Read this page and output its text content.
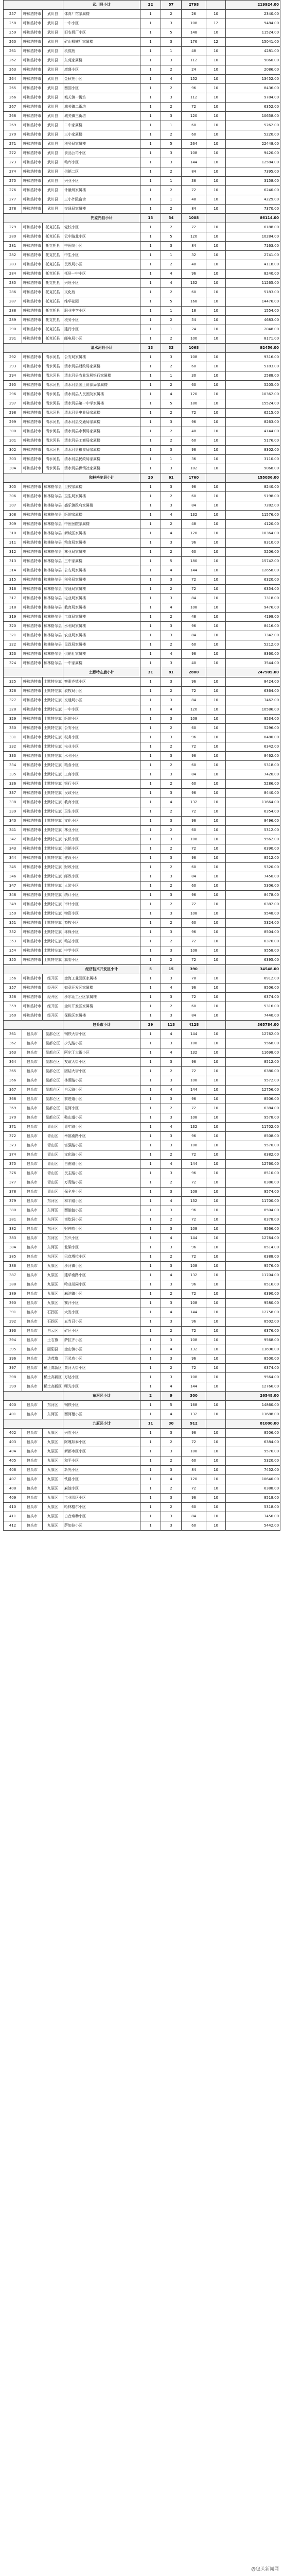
			武川县小计	22	57	2798		219924.00
257	呼和浩特市	武川县	体育厂馆家属楼	1	2	26	10	2340.00
258	呼和浩特市	武川县	一中小区	1	3	108	12	9484.00
259	呼和浩特市	武川县	旧农机厂小区	1	5	148	10	11524.00
260	呼和浩特市	武川县	矿山机械厂家属楼	1	3	176	12	15041.00
261	呼和浩特市	武川县	玖熙苑	1	1	48	10	4281.00
262	呼和浩特市	武川县	东苑家属楼	1	3	112	10	9860.00
263	呼和浩特市	武川县	康盛小区	1	2	24	10	2086.00
264	呼和浩特市	武川县	金秋苑小区	1	4	152	10	13452.00
265	呼和浩特市	武川县	西园小区	1	2	96	10	8436.00
266	呼和浩特市	武川县	城关镇一街坊	1	3	112	10	9784.00
267	呼和浩特市	武川县	城关镇二街坊	1	2	72	10	6352.00
268	呼和浩特市	武川县	城关镇三街坊	1	3	120	10	10658.00
269	呼和浩特市	武川县	二中家属楼	1	1	60	10	5262.00
270	呼和浩特市	武川县	三小家属楼	1	2	60	10	5220.00
271	呼和浩特市	武川县	税务局家属楼	1	5	264	10	22448.00
272	呼和浩特市	武川县	食品公司小区	1	3	108	10	9420.00
273	呼和浩特市	武川县	粮库小区	1	3	144	10	12584.00
274	呼和浩特市	武川县	供销二区	1	2	84	10	7395.00
275	呼和浩特市	武川县	兴业小区	1	1	36	10	3158.00
276	呼和浩特市	武川县	计量所家属楼	1	2	72	10	6240.00
277	呼和浩特市	武川县	三小外院宿舍	1	1	48	10	4229.00
278	呼和浩特市	武川县	交通局家属楼	1	2	84	10	7370.00
			托克托县小计	13	34	1008		86114.00
279	呼和浩特市	托克托县	党校小区	1	2	72	10	6188.00
280	呼和浩特市	托克托县	云中路北小区	1	5	120	10	10284.00
281	呼和浩特市	托克托县	中医院小区	1	3	84	10	7163.00
282	呼和浩特市	托克托县	中生小区	1	1	32	10	2741.00
283	呼和浩特市	托克托县	民政局小区	1	2	48	10	4118.00
284	呼和浩特市	托克托县	托县一中小区	1	4	96	10	8240.00
285	呼和浩特市	托克托县	兴旺小区	1	4	132	10	11265.00
286	呼和浩特市	托克托县	文化苑	1	2	60	10	5183.00
287	呼和浩特市	托克托县	维华花园	1	5	168	10	14476.00
288	呼和浩特市	托克托县	职业中学小区	1	1	18	10	1554.00
289	呼和浩特市	托克托县	税务小区	1	2	54	10	4683.00
290	呼和浩特市	托克托县	建行小区	1	1	24	10	2048.00
291	呼和浩特市	托克托县	邮电局小区	1	2	100	10	8171.00
			清水河县小计	13	33	1068		92456.00
292	呼和浩特市	清水河县	公安局家属楼	1	3	108	10	9316.00
293	呼和浩特市	清水河县	清水河县财政局家属楼	1	2	60	10	5183.00
294	呼和浩特市	清水河县	清水河县农业发展银行家属楼	1	1	30	10	2588.00
295	呼和浩特市	清水河县	清水河县国土资源局家属楼	1	2	60	10	5205.00
296	呼和浩特市	清水河县	清水河县人民医院家属楼	1	4	120	10	10362.00
297	呼和浩特市	清水河县	清水河县第一中学家属楼	1	5	180	10	15524.00
298	呼和浩特市	清水河县	清水河县电业局家属楼	1	2	72	10	6215.00
299	呼和浩特市	清水河县	清水河县交通局家属楼	1	3	96	10	8263.00
300	呼和浩特市	清水河县	清水河县水利局家属楼	1	2	48	10	4144.00
301	呼和浩特市	清水河县	清水河县工商局家属楼	1	2	60	10	5176.00
302	呼和浩特市	清水河县	清水河县粮食局家属楼	1	3	96	10	8302.00
303	呼和浩特市	清水河县	清水河县民政局家属楼	1	1	36	10	3110.00
304	呼和浩特市	清水河县	清水河县供销社家属楼	1	3	102	10	9068.00
			和林格尔县小计	20	61	1760		155036.00
305	呼和浩特市	和林格尔县	卫校家属楼	1	3	96	10	8240.00
306	呼和浩特市	和林格尔县	卫生局家属楼	1	2	60	10	5198.00
307	呼和浩特市	和林格尔县	盛乐镇政府家属楼	1	3	84	10	7282.00
308	呼和浩特市	和林格尔县	医院家属楼	1	4	132	10	11576.00
309	呼和浩特市	和林格尔县	中医医院家属楼	1	2	48	10	4120.00
310	呼和浩特市	和林格尔县	新城区家属楼	1	4	120	10	10364.00
311	呼和浩特市	和林格尔县	粮食局家属楼	1	3	96	10	8310.00
312	呼和浩特市	和林格尔县	林业局家属楼	1	2	60	10	5206.00
313	呼和浩特市	和林格尔县	三中家属楼	1	5	180	10	15742.00
314	呼和浩特市	和林格尔县	公安局家属楼	1	4	144	10	12658.00
315	呼和浩特市	和林格尔县	税务局家属楼	1	3	72	10	6320.00
316	呼和浩特市	和林格尔县	交通局家属楼	1	2	72	10	6354.00
317	呼和浩特市	和林格尔县	电业局家属楼	1	3	84	10	7318.00
318	呼和浩特市	和林格尔县	教育局家属楼	1	4	108	10	9476.00
319	呼和浩特市	和林格尔县	工商局家属楼	1	2	48	10	4198.00
320	呼和浩特市	和林格尔县	水利局家属楼	1	3	96	10	8416.00
321	呼和浩特市	和林格尔县	农业局家属楼	1	3	84	10	7342.00
322	呼和浩特市	和林格尔县	民政局家属楼	1	2	60	10	5212.00
323	呼和浩特市	和林格尔县	供销社家属楼	1	4	96	10	8360.00
324	呼和浩特市	和林格尔县	一中家属楼	1	3	40	10	3544.00
			土默特左旗小计	31	81	2800		247905.00
325	呼和浩特市	土默特左旗	察素齐镇小区	1	3	96	10	8424.00
326	呼和浩特市	土默特左旗	农牧局小区	1	2	72	10	6364.00
327	呼和浩特市	土默特左旗	交通局小区	1	3	84	10	7462.00
328	呼和浩特市	土默特左旗	一中小区	1	4	120	10	10586.00
329	呼和浩特市	土默特左旗	医院小区	1	3	108	10	9534.00
330	呼和浩特市	土默特左旗	公安小区	1	2	60	10	5296.00
331	呼和浩特市	土默特左旗	税务小区	1	3	96	10	8480.00
332	呼和浩特市	土默特左旗	电业小区	1	2	72	10	6342.00
333	呼和浩特市	土默特左旗	水利小区	1	3	96	10	8462.00
334	呼和浩特市	土默特左旗	粮食小区	1	2	60	10	5318.00
335	呼和浩特市	土默特左旗	工商小区	1	3	84	10	7420.00
336	呼和浩特市	土默特左旗	银行小区	1	2	60	10	5286.00
337	呼和浩特市	土默特左旗	民政小区	1	3	96	10	8440.00
338	呼和浩特市	土默特左旗	教育小区	1	4	132	10	11664.00
339	呼和浩特市	土默特左旗	卫生小区	1	2	72	10	6354.00
340	呼和浩特市	土默特左旗	文化小区	1	3	96	10	8496.00
341	呼和浩特市	土默特左旗	林业小区	1	2	60	10	5312.00
342	呼和浩特市	土默特左旗	农机小区	1	3	108	10	9562.00
343	呼和浩特市	土默特左旗	供销小区	1	2	72	10	6390.00
344	呼和浩特市	土默特左旗	建设小区	1	3	96	10	8512.00
345	呼和浩特市	土默特左旗	财政小区	1	2	60	10	5320.00
346	呼和浩特市	土默特左旗	邮政小区	1	3	84	10	7450.00
347	呼和浩特市	土默特左旗	人防小区	1	2	60	10	5306.00
348	呼和浩特市	土默特左旗	统计小区	1	3	96	10	8478.00
349	呼和浩特市	土默特左旗	审计小区	1	2	72	10	6382.00
350	呼和浩特市	土默特左旗	物资小区	1	3	108	10	9548.00
351	呼和浩特市	土默特左旗	畜牧小区	1	2	60	10	5324.00
352	呼和浩特市	土默特左旗	环保小区	1	3	96	10	8504.00
353	呼和浩特市	土默特左旗	粮站小区	1	2	72	10	6376.00
354	呼和浩特市	土默特左旗	中学小区	1	3	108	10	9558.00
355	呼和浩特市	土默特左旗	旗委小区	1	2	72	10	6395.00
			经济技术开发区小计	5	15	390		34548.00
356	呼和浩特市	经开区	金海工业园区家属楼	1	3	78	10	6912.00
357	呼和浩特市	经开区	如意开发区家属楼	1	4	96	10	8506.00
358	呼和浩特市	经开区	沙尔沁工业区家属楼	1	3	72	10	6374.00
359	呼和浩特市	经开区	金川开发区家属楼	1	2	60	10	5316.00
360	呼和浩特市	经开区	保税区家属楼	1	3	84	10	7440.00
			包头市小计	39	118	4128		365784.00
361	包头市	昆都仑区	钢铁大街小区	1	4	144	10	12762.00
362	包头市	昆都仑区	少先路小区	1	3	108	10	9568.00
363	包头市	昆都仑区	阿尔丁大街小区	1	4	132	10	11698.00
364	包头市	昆都仑区	友谊大街小区	1	3	96	10	8512.00
365	包头市	昆都仑区	团结大街小区	1	2	72	10	6380.00
366	包头市	昆都仑区	林荫路小区	1	3	108	10	9572.00
367	包头市	昆都仑区	白云路小区	1	4	144	10	12756.00
368	包头市	昆都仑区	前进道小区	1	3	96	10	8506.00
369	包头市	昆都仑区	昆河小区	1	2	72	10	6384.00
370	包头市	昆都仑区	鞍山道小区	1	3	108	10	9578.00
371	包头市	青山区	青年路小区	1	4	132	10	11702.00
372	包头市	青山区	幸福南路小区	1	3	96	10	8508.00
373	包头市	青山区	富强路小区	1	3	108	10	9570.00
374	包头市	青山区	文化路小区	1	2	72	10	6382.00
375	包头市	青山区	自由路小区	1	4	144	10	12760.00
376	包头市	青山区	民主路小区	1	3	96	10	8510.00
377	包头市	青山区	万青路小区	1	2	72	10	6386.00
378	包头市	青山区	保全庄小区	1	3	108	10	9574.00
379	包头市	东河区	和平路小区	1	4	132	10	11700.00
380	包头市	东河区	西脑包小区	1	3	96	10	8504.00
381	包头市	东河区	南圪洞小区	1	2	72	10	6378.00
382	包头市	东河区	财神庙小区	1	3	108	10	9566.00
383	包头市	东河区	东兴小区	1	4	144	10	12764.00
384	包头市	东河区	北梁小区	1	3	96	10	8514.00
385	包头市	东河区	巴彦塔拉小区	1	2	72	10	6388.00
386	包头市	九原区	沙河镇小区	1	3	108	10	9576.00
387	包头市	九原区	建华南路小区	1	4	132	10	11704.00
388	包头市	九原区	哈业胡同小区	1	3	96	10	8516.00
389	包头市	九原区	麻池镇小区	1	2	72	10	6390.00
390	包头市	九原区	赛汗小区	1	3	108	10	9580.00
391	包头市	石拐区	大发小区	1	4	144	10	12758.00
392	包头市	石拐区	五当召小区	1	3	96	10	8502.00
393	包头市	白云区	矿区小区	1	2	72	10	6376.00
394	包头市	土右旗	萨拉齐小区	1	3	108	10	9568.00
395	包头市	固阳县	金山镇小区	1	4	132	10	11696.00
396	包头市	达茂旗	百灵庙小区	1	3	96	10	8500.00
397	包头市	稀土高新区	黄河大街小区	1	2	72	10	6374.00
398	包头市	稀土高新区	万达小区	1	3	108	10	9564.00
399	包头市	稀土高新区	曙光小区	1	4	144	10	12766.00
			东河区小计	2	9	300		26548.00
400	包头市	东河区	钢铁小区	1	5	168	10	14860.00
401	包头市	东河区	西河槽小区	1	4	132	10	11688.00
			九原区小计	11	30	912		81000.00
402	包头市	九原区	兴胜小区	1	3	96	10	8506.00
403	包头市	九原区	阿嘎如泰小区	1	2	72	10	6384.00
404	包头市	九原区	新都市区小区	1	3	108	10	9576.00
405	包头市	九原区	和平小区	1	2	60	10	5320.00
406	包头市	九原区	新光小区	1	3	84	10	7452.00
407	包头市	九原区	铁路小区	1	4	120	10	10640.00
408	包头市	九原区	麻池小区	1	2	72	10	6388.00
409	包头市	九原区	工业园区小区	1	3	96	10	8518.00
410	包头市	九原区	哈林格尔小区	1	2	60	10	5318.00
411	包头市	九原区	白音席勒小区	1	3	84	10	7456.00
412	包头市	九原区	萨如拉小区	1	3	60	10	5442.00
@包头新闻网
